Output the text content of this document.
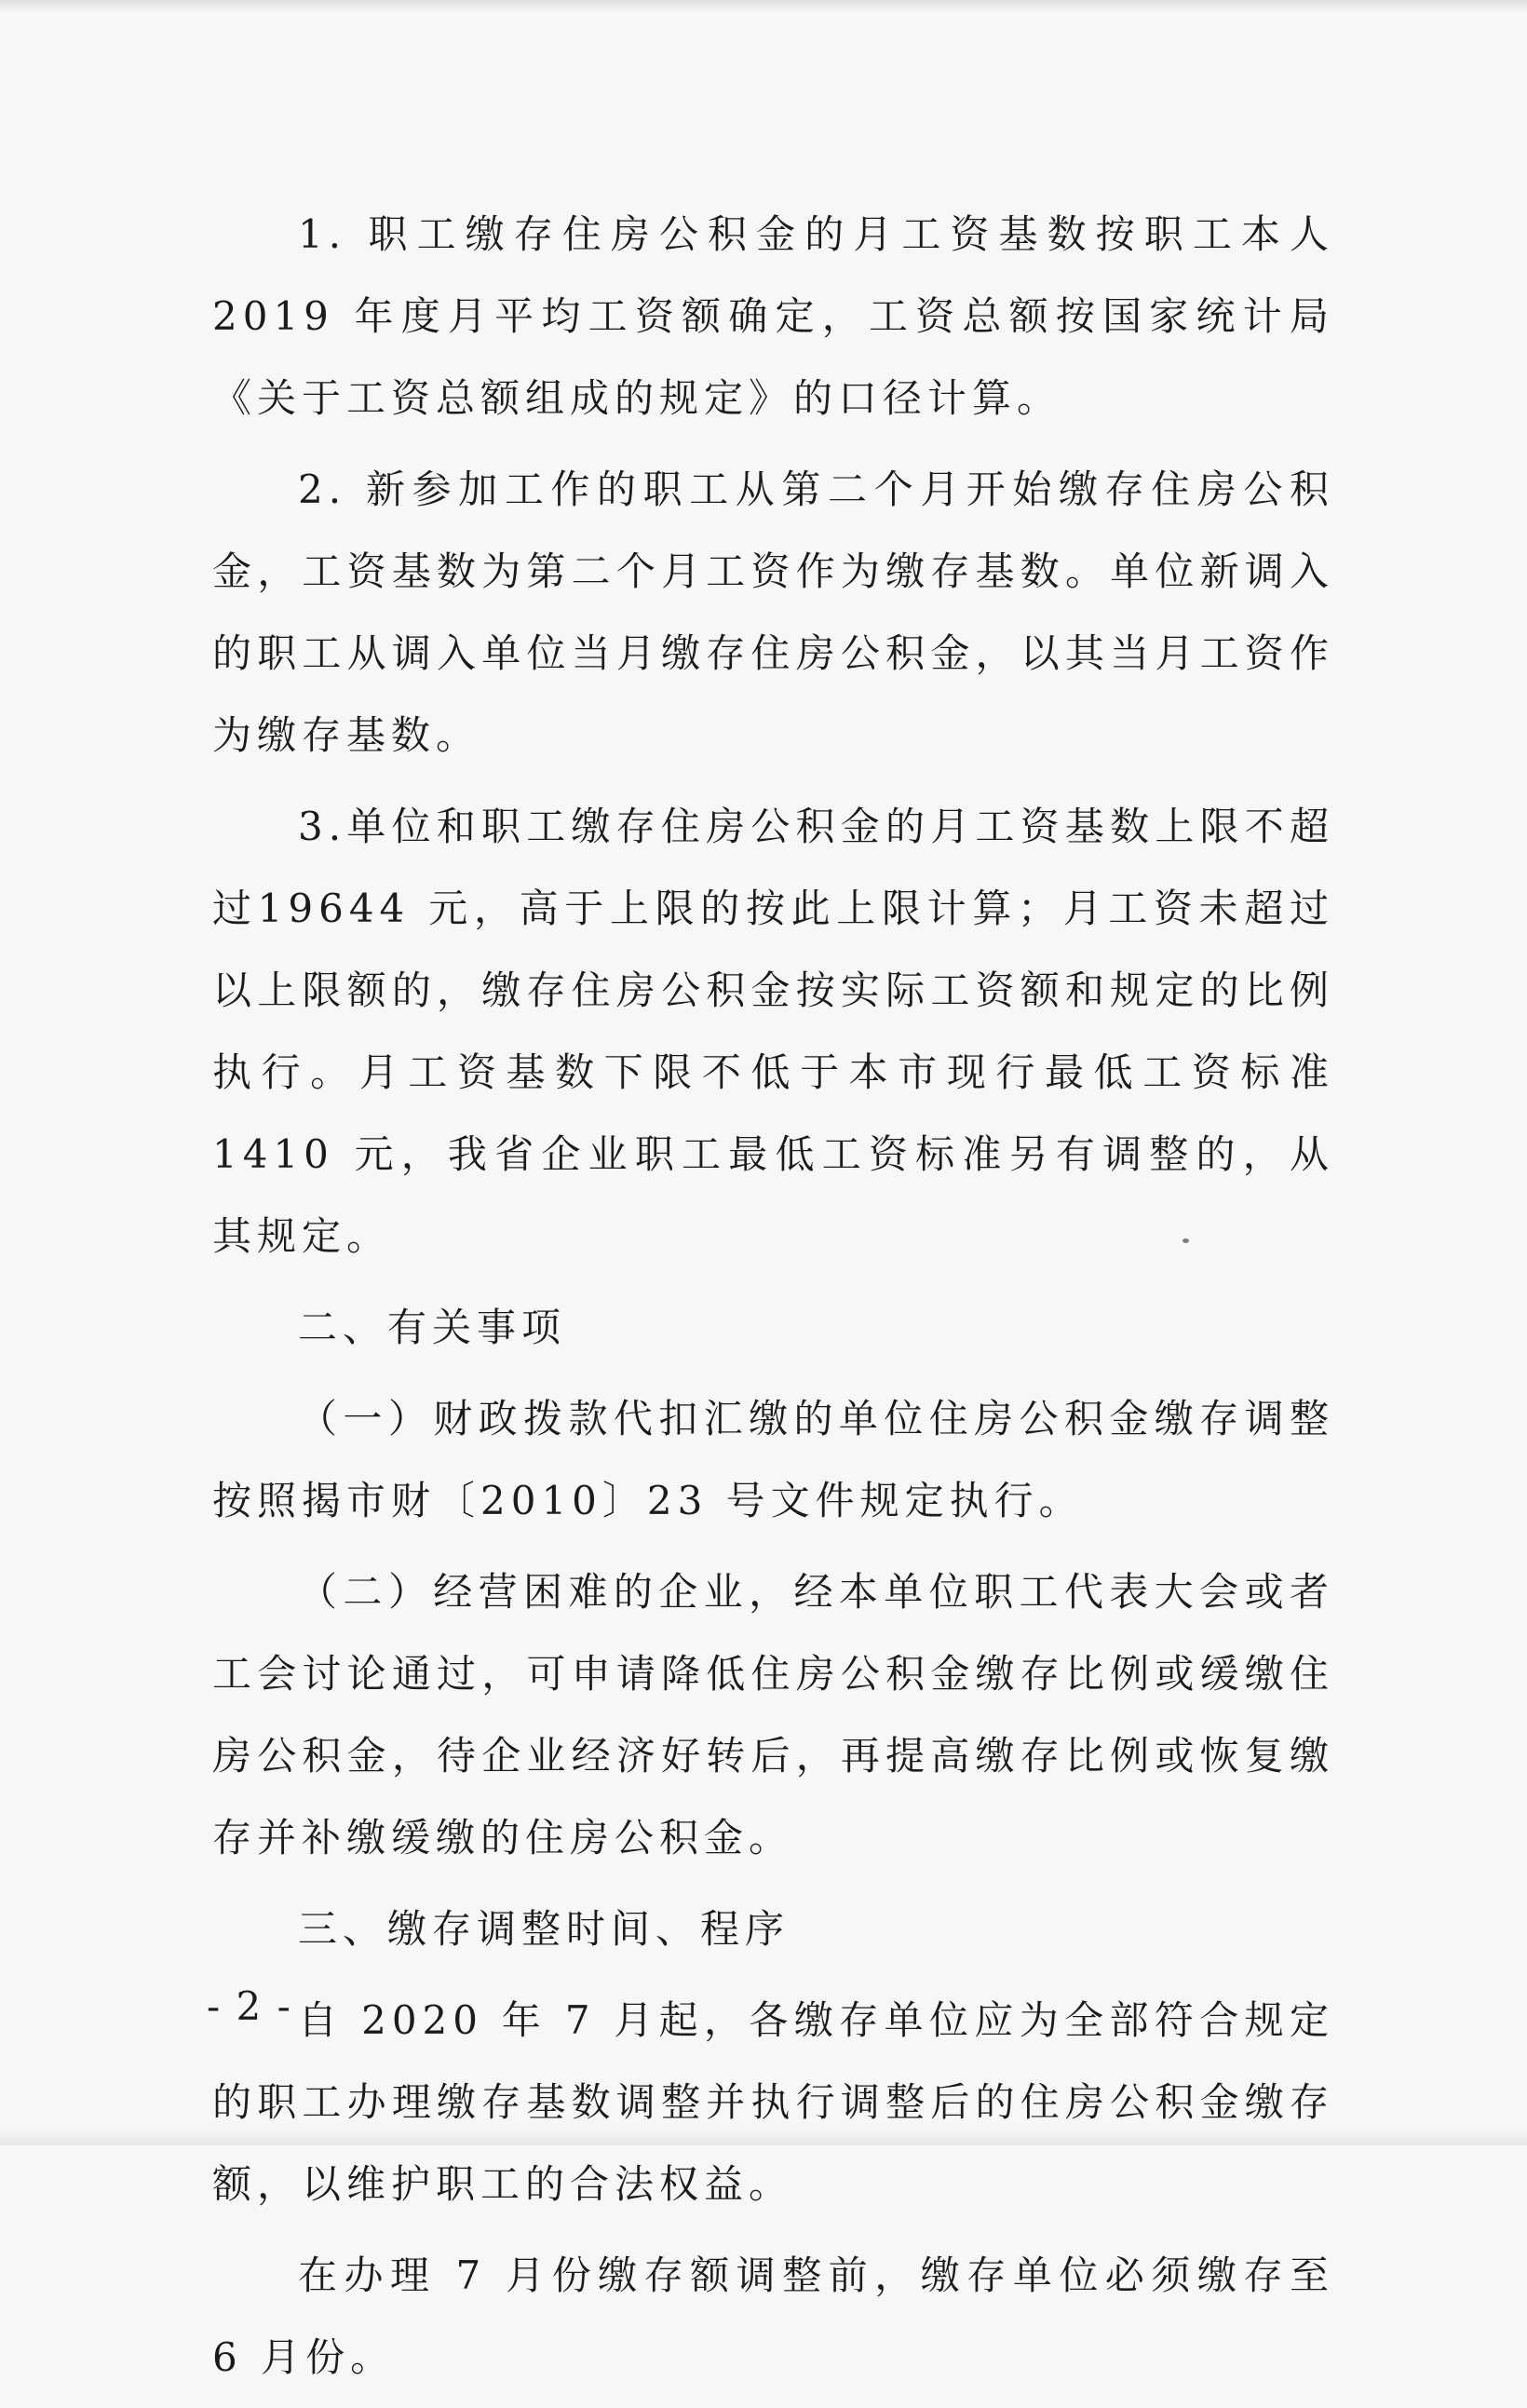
1. 职工缴存住房公积金的月工资基数按职工本人 2019 年度月平均工资额确定，工资总额按国家统计局《关于工资总额组成的规定》的口径计算。

2. 新参加工作的职工从第二个月开始缴存住房公积金，工资基数为第二个月工资作为缴存基数。单位新调入的职工从调入单位当月缴存住房公积金，以其当月工资作为缴存基数。

3.单位和职工缴存住房公积金的月工资基数上限不超过19644 元，高于上限的按此上限计算；月工资未超过以上限额的，缴存住房公积金按实际工资额和规定的比例执行。月工资基数下限不低于本市现行最低工资标准 1410 元，我省企业职工最低工资标准另有调整的，从其规定。

二、有关事项

（一）财政拨款代扣汇缴的单位住房公积金缴存调整按照揭市财〔2010〕23 号文件规定执行。

（二）经营困难的企业，经本单位职工代表大会或者工会讨论通过，可申请降低住房公积金缴存比例或缓缴住房公积金，待企业经济好转后，再提高缴存比例或恢复缴存并补缴缓缴的住房公积金。

三、缴存调整时间、程序

自 2020 年 7 月起，各缴存单位应为全部符合规定的职工办理缴存基数调整并执行调整后的住房公积金缴存额，以维护职工的合法权益。

在办理 7 月份缴存额调整前，缴存单位必须缴存至 6 月份。

- 2 -
